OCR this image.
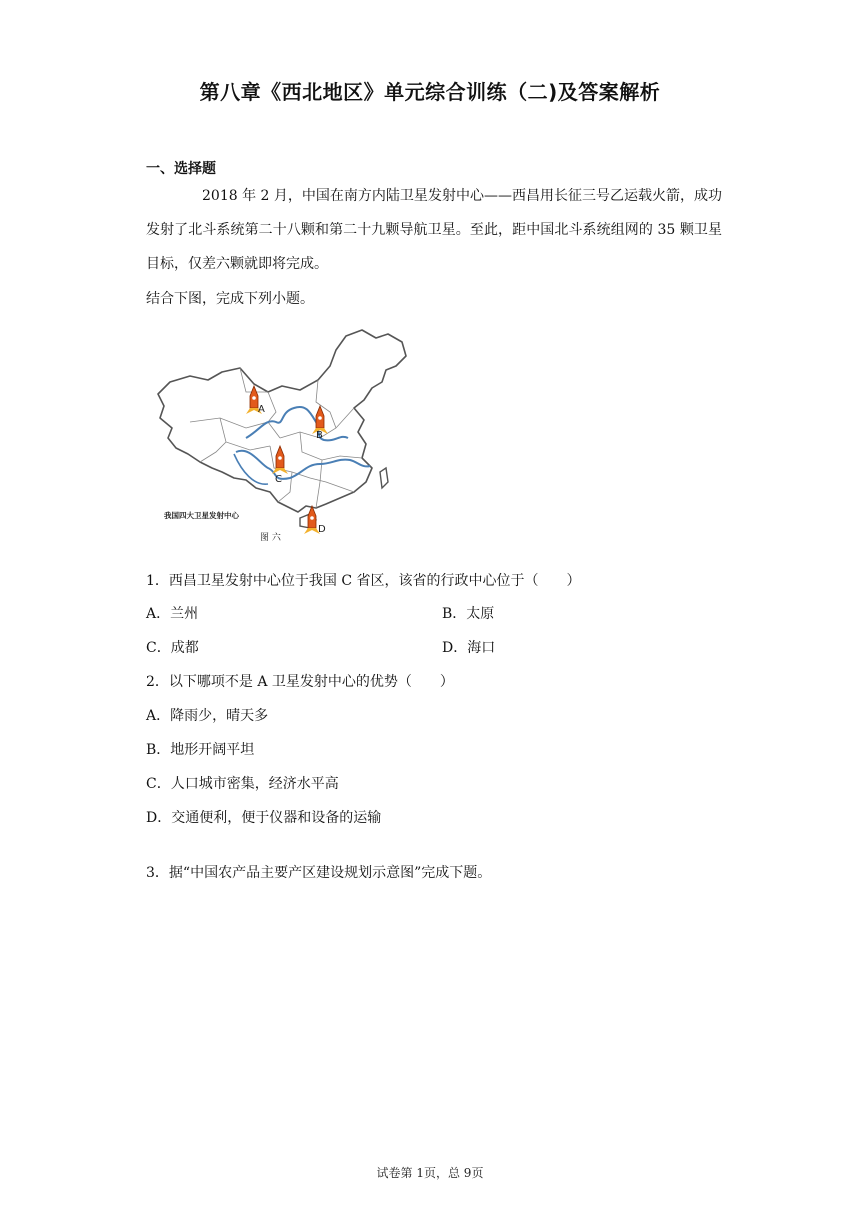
第八章《西北地区》单元综合训练（二)及答案解析
一、选择题
2018 年 2 月，中国在南方内陆卫星发射中心——西昌用长征三号乙运载火箭，成功发射了北斗系统第二十八颗和第二十九颗导航卫星。至此，距中国北斗系统组网的 35 颗卫星目标，仅差六颗就即将完成。
结合下图，完成下列小题。
A
B
C
D
我国四大卫星发射中心
图 六
1．西昌卫星发射中心位于我国 C 省区，该省的行政中心位于（　　）
A．兰州	B．太原
C．成都	D．海口
2．以下哪项不是 A 卫星发射中心的优势（　　）
A．降雨少，晴天多
B．地形开阔平坦
C．人口城市密集，经济水平高
D．交通便利，便于仪器和设备的运输
3．据“中国农产品主要产区建设规划示意图”完成下题。
试卷第 1页，总 9页
